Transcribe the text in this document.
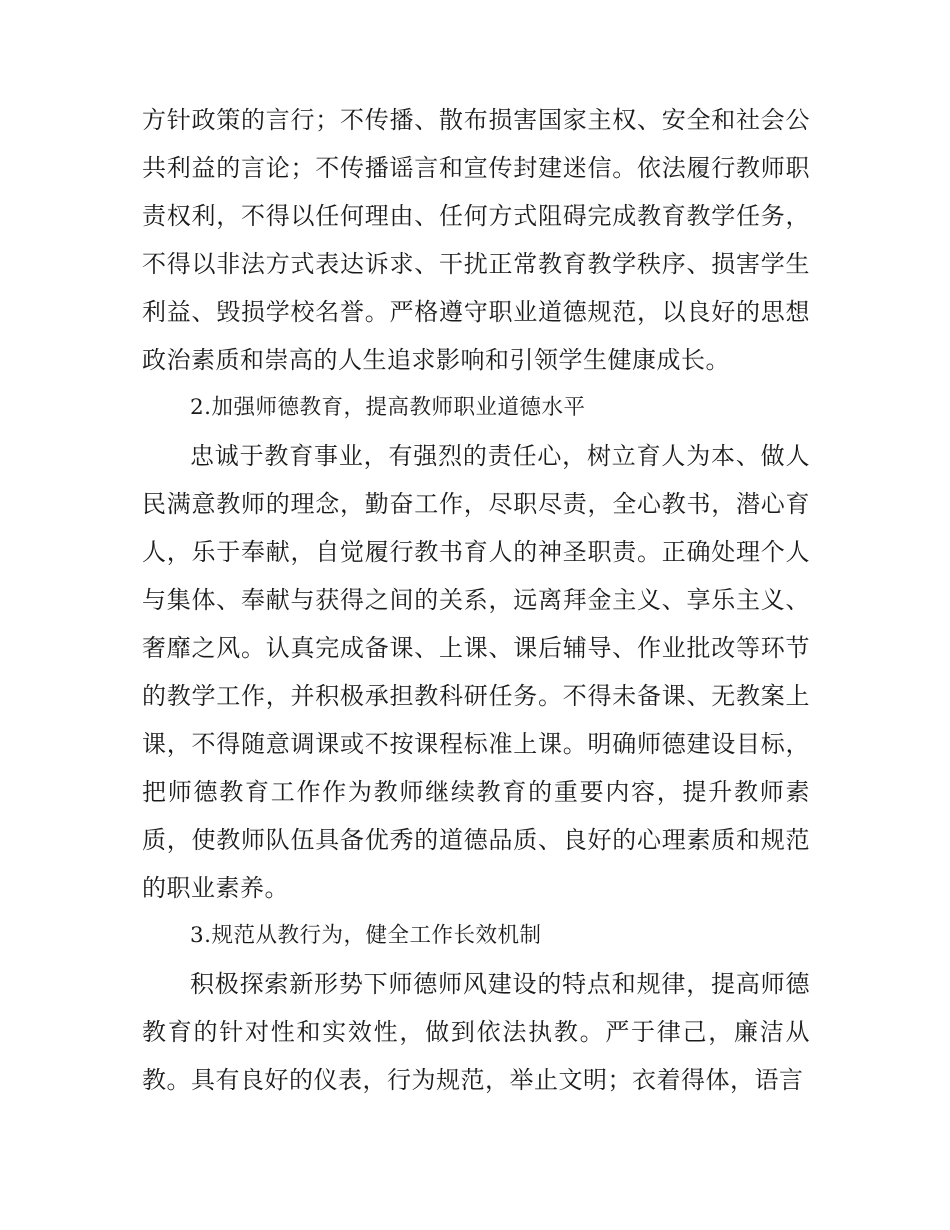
方针政策的言行；不传播、散布损害国家主权、安全和社会公共利益的言论；不传播谣言和宣传封建迷信。依法履行教师职责权利，不得以任何理由、任何方式阻碍完成教育教学任务，不得以非法方式表达诉求、干扰正常教育教学秩序、损害学生利益、毁损学校名誉。严格遵守职业道德规范，以良好的思想政治素质和崇高的人生追求影响和引领学生健康成长。

2.加强师德教育，提高教师职业道德水平

忠诚于教育事业，有强烈的责任心，树立育人为本、做人民满意教师的理念，勤奋工作，尽职尽责，全心教书，潜心育人，乐于奉献，自觉履行教书育人的神圣职责。正确处理个人与集体、奉献与获得之间的关系，远离拜金主义、享乐主义、奢靡之风。认真完成备课、上课、课后辅导、作业批改等环节的教学工作，并积极承担教科研任务。不得未备课、无教案上课，不得随意调课或不按课程标准上课。明确师德建设目标，把师德教育工作作为教师继续教育的重要内容，提升教师素质，使教师队伍具备优秀的道德品质、良好的心理素质和规范的职业素养。

3.规范从教行为，健全工作长效机制

积极探索新形势下师德师风建设的特点和规律，提高师德教育的针对性和实效性，做到依法执教。严于律己，廉洁从教。具有良好的仪表，行为规范，举止文明；衣着得体，语言
